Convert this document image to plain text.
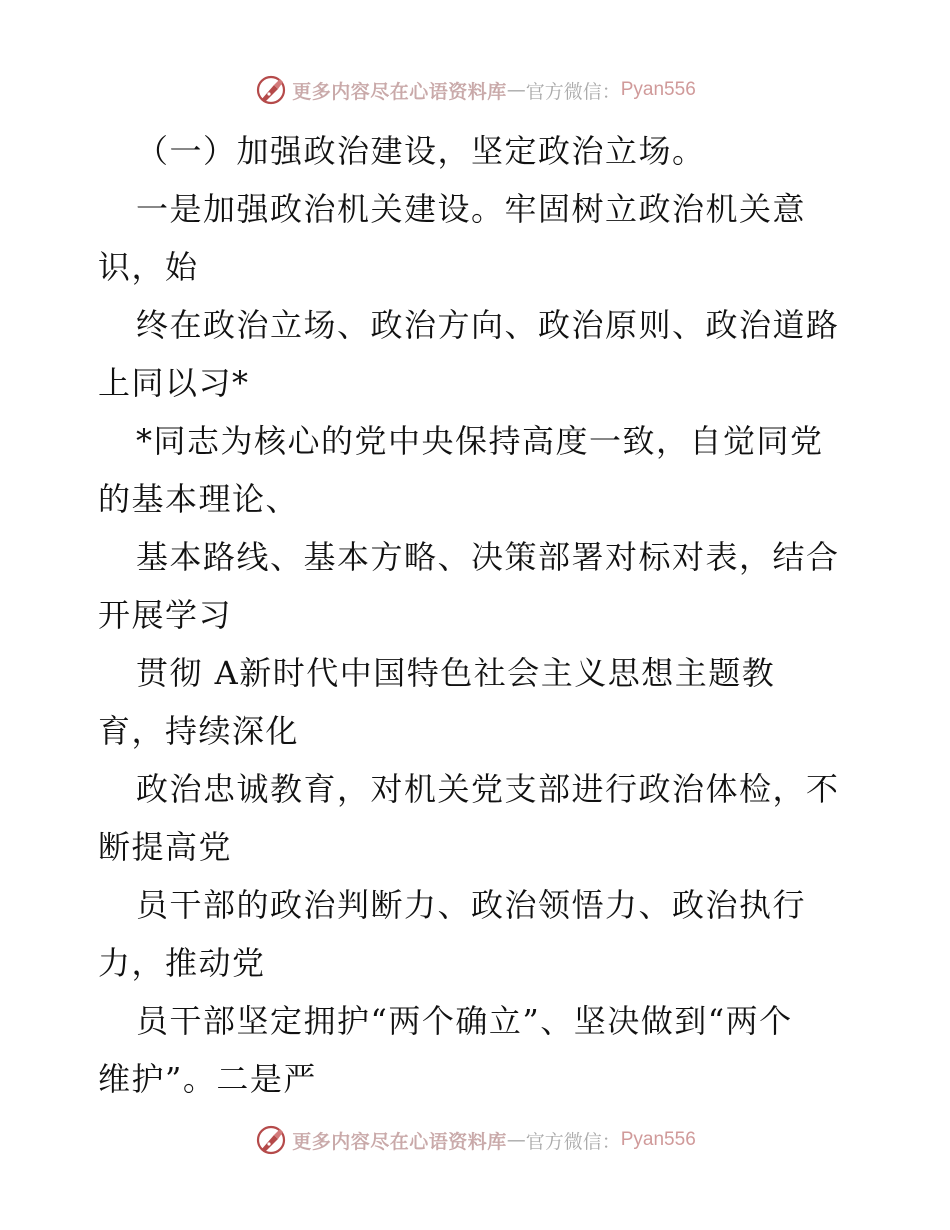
更多内容尽在心语资料库 — 官方微信： Pyan556

（一）加强政治建设，坚定政治立场。

一是加强政治机关建设。牢固树立政治机关意

识，始

终在政治立场、政治方向、政治原则、政治道路

上同以习*

*同志为核心的党中央保持高度一致，自觉同党

的基本理论、

基本路线、基本方略、决策部署对标对表，结合

开展学习

贯彻 A新时代中国特色社会主义思想主题教

育，持续深化

政治忠诚教育，对机关党支部进行政治体检，不

断提高党

员干部的政治判断力、政治领悟力、政治执行

力，推动党

员干部坚定拥护“两个确立”、坚决做到“两个

维护”。二是严

更多内容尽在心语资料库 — 官方微信： Pyan556
